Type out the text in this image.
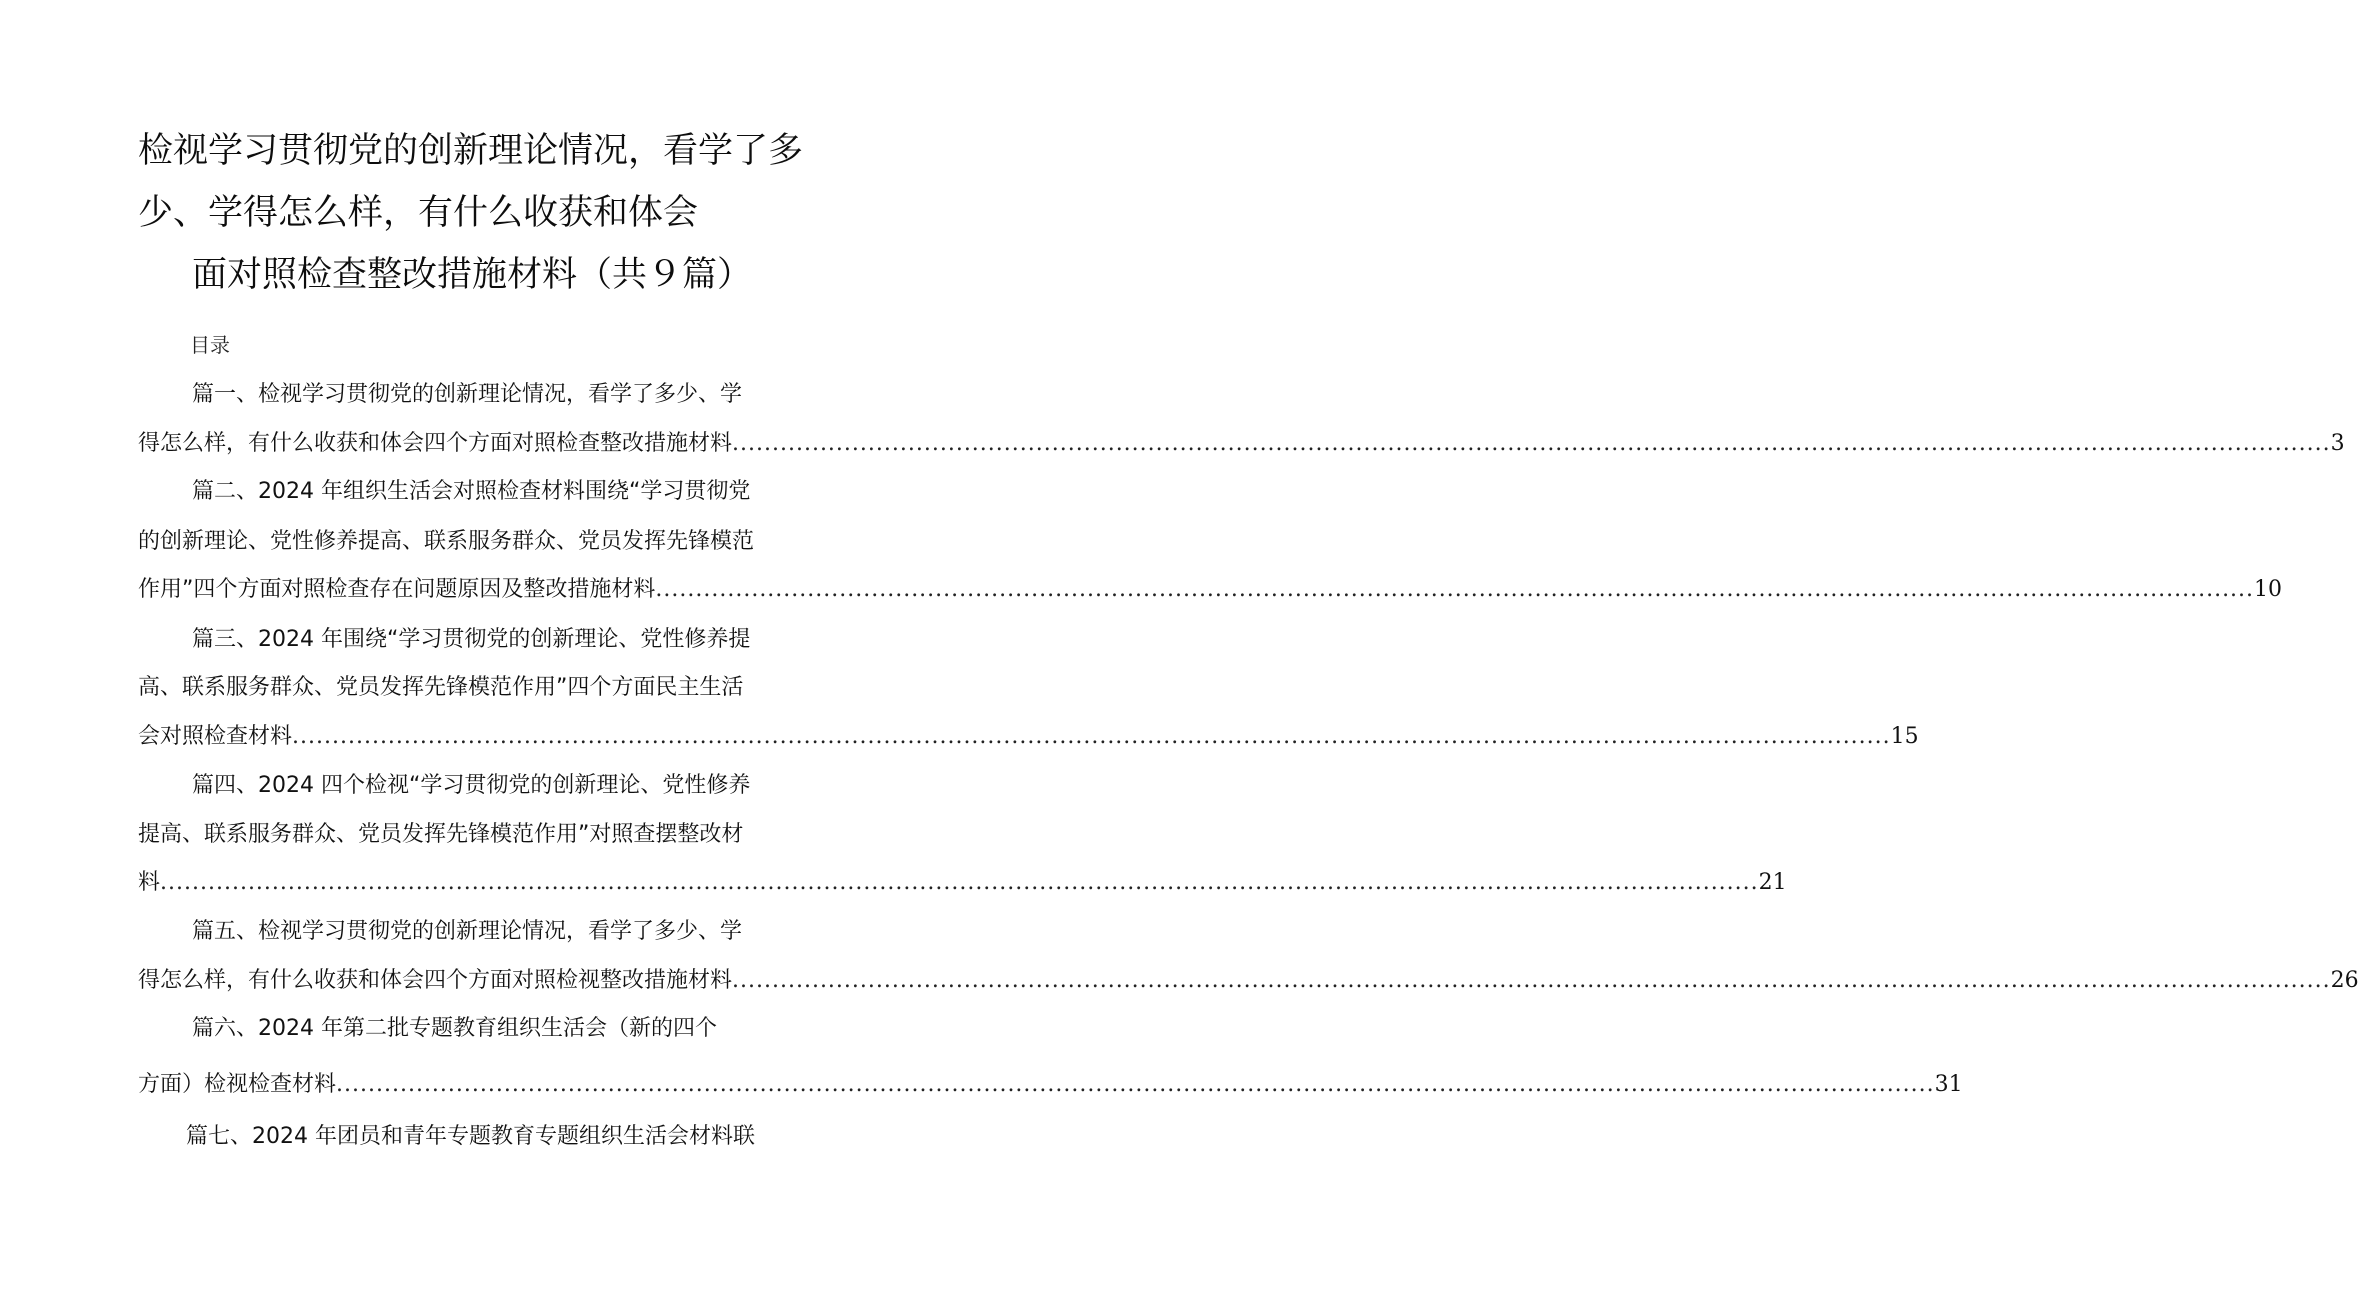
检视学习贯彻党的创新理论情况，看学了多
少、学得怎么样，有什么收获和体会
面对照检查整改措施材料（共９篇）
目录
篇一、检视学习贯彻党的创新理论情况，看学了多少、学
得怎么样，有什么收获和体会四个方面对照检查整改措施材料 ........................................................................................................................................................................................................ 3
篇二、2024 年组织生活会对照检查材料围绕“学习贯彻党
的创新理论、党性修养提高、联系服务群众、党员发挥先锋模范
作用”四个方面对照检查存在问题原因及整改措施材料 ........................................................................................................................................................................................................ 10
篇三、2024 年围绕“学习贯彻党的创新理论、党性修养提
高、联系服务群众、党员发挥先锋模范作用”四个方面民主生活
会对照检查材料 ........................................................................................................................................................................................................ 15
篇四、2024 四个检视“学习贯彻党的创新理论、党性修养
提高、联系服务群众、党员发挥先锋模范作用”对照查摆整改材
料 ........................................................................................................................................................................................................ 21
篇五、检视学习贯彻党的创新理论情况，看学了多少、学
得怎么样，有什么收获和体会四个方面对照检视整改措施材料 ........................................................................................................................................................................................................ 26
篇六、2024 年第二批专题教育组织生活会（新的四个
方面）检视检查材料 ........................................................................................................................................................................................................ 31
篇七、2024 年团员和青年专题教育专题组织生活会材料联
